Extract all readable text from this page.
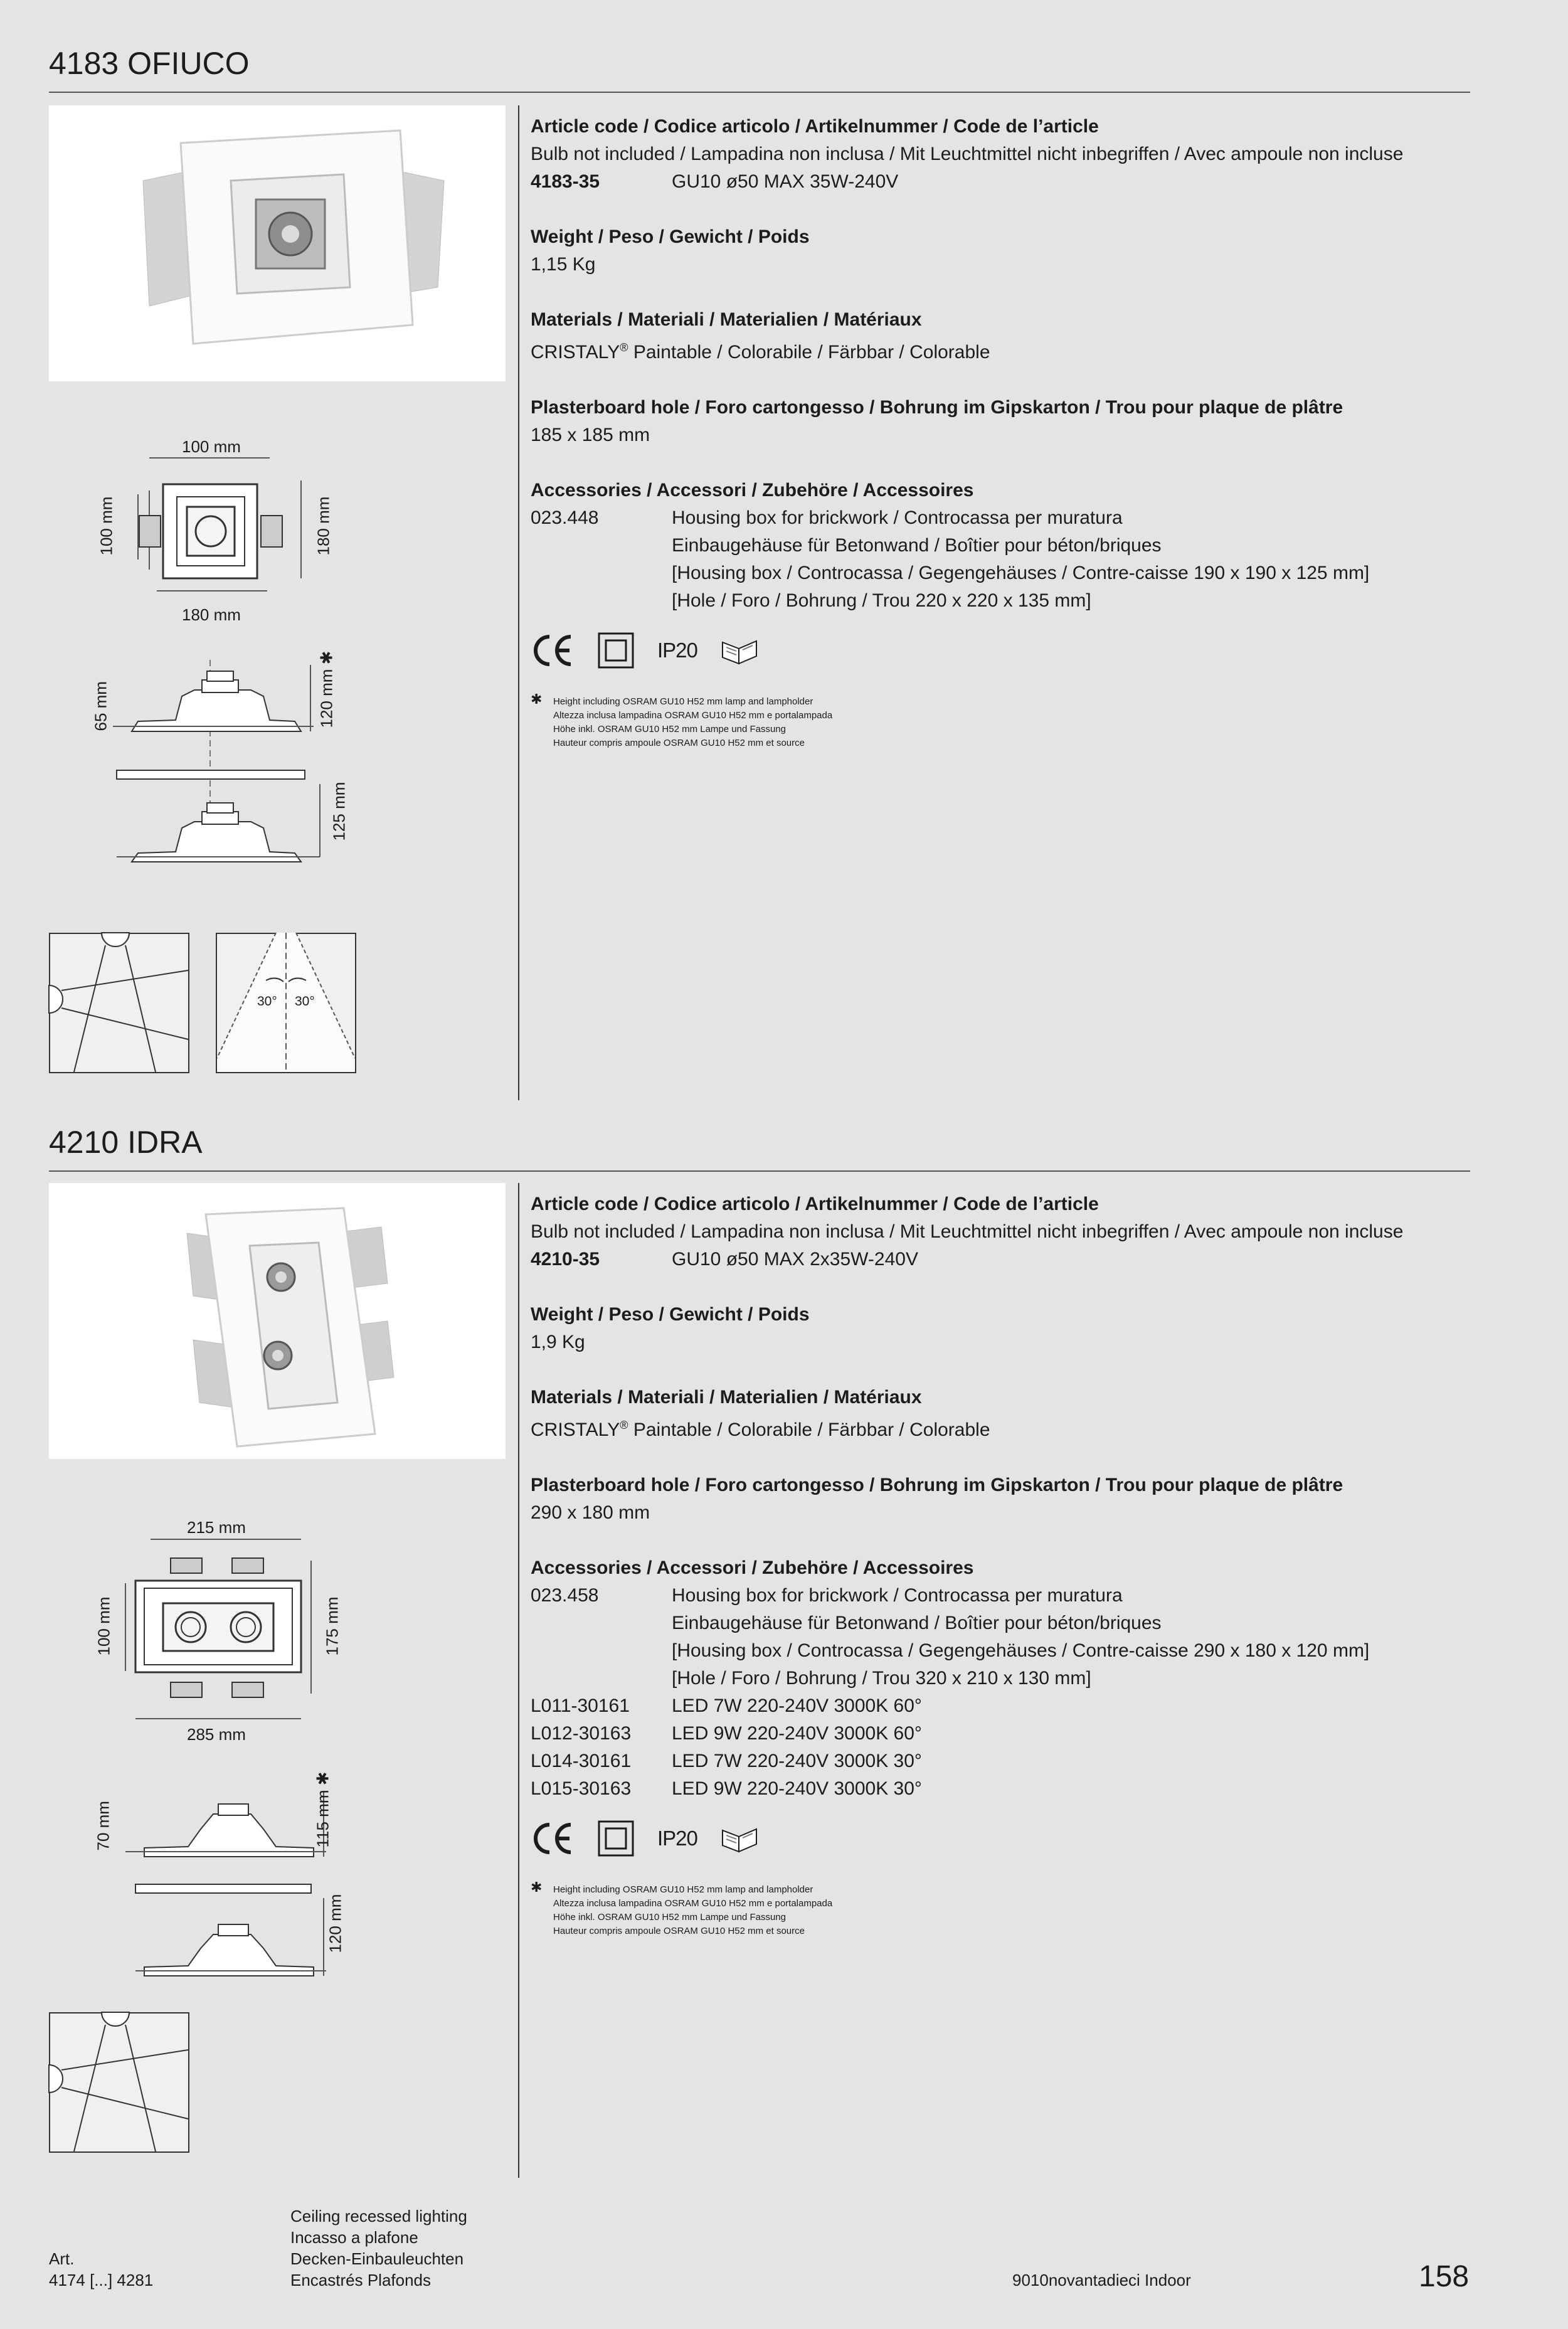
4183 OFIUCO

Article code / Codice articolo / Artikelnummer / Code de l’article

Bulb not included / Lampadina non inclusa / Mit Leuchtmittel nicht inbegriffen / Avec ampoule non incluse

4183-35	GU10 ø50 MAX 35W-240V

Weight / Peso / Gewicht / Poids

1,15 Kg

Materials / Materiali / Materialien / Matériaux

CRISTALY® Paintable / Colorabile / Färbbar / Colorable

Plasterboard hole / Foro cartongesso / Bohrung im Gipskarton / Trou pour plaque de plâtre

185 x 185 mm

Accessories / Accessori / Zubehöre / Accessoires

023.448	Housing box for brickwork / Controcassa per muratura
Einbaugehäuse für Betonwand / Boîtier pour béton/briques
[Housing box / Controcassa / Gegengehäuses / Contre-caisse 190 x 190 x 125 mm]
[Hole / Foro / Bohrung / Trou 220 x 220 x 135 mm]
IP20
✱ Height including OSRAM GU10 H52 mm lamp and lampholder
Altezza inclusa lampadina OSRAM GU10 H52 mm e portalampada
Höhe inkl. OSRAM GU10 H52 mm Lampe und Fassung
Hauteur compris ampoule OSRAM GU10 H52 mm et source
100 mm
100 mm	180 mm
180 mm
65 mm	120 mm ✱
125 mm
30° 30°
4210 IDRA

Article code / Codice articolo / Artikelnummer / Code de l’article

Bulb not included / Lampadina non inclusa / Mit Leuchtmittel nicht inbegriffen / Avec ampoule non incluse

4210-35	GU10 ø50 MAX 2x35W-240V

Weight / Peso / Gewicht / Poids

1,9 Kg

Materials / Materiali / Materialien / Matériaux

CRISTALY® Paintable / Colorabile / Färbbar / Colorable

Plasterboard hole / Foro cartongesso / Bohrung im Gipskarton / Trou pour plaque de plâtre

290 x 180 mm

Accessories / Accessori / Zubehöre / Accessoires

023.458	Housing box for brickwork / Controcassa per muratura
Einbaugehäuse für Betonwand / Boîtier pour béton/briques
[Housing box / Controcassa / Gegengehäuses / Contre-caisse 290 x 180 x 120 mm]
[Hole / Foro / Bohrung / Trou 320 x 210 x 130 mm]
L011-30161	LED 7W 220-240V 3000K 60°
L012-30163	LED 9W 220-240V 3000K 60°
L014-30161	LED 7W 220-240V 3000K 30°
L015-30163	LED 9W 220-240V 3000K 30°
IP20
✱ Height including OSRAM GU10 H52 mm lamp and lampholder
Altezza inclusa lampadina OSRAM GU10 H52 mm e portalampada
Höhe inkl. OSRAM GU10 H52 mm Lampe und Fassung
Hauteur compris ampoule OSRAM GU10 H52 mm et source
215 mm
100 mm	175 mm
285 mm
70 mm	115 mm ✱
120 mm
Ceiling recessed lighting
Incasso a plafone
Decken-Einbauleuchten
Encastrés Plafonds
Art.
4174 [...] 4281	9010novantadieci Indoor	158
